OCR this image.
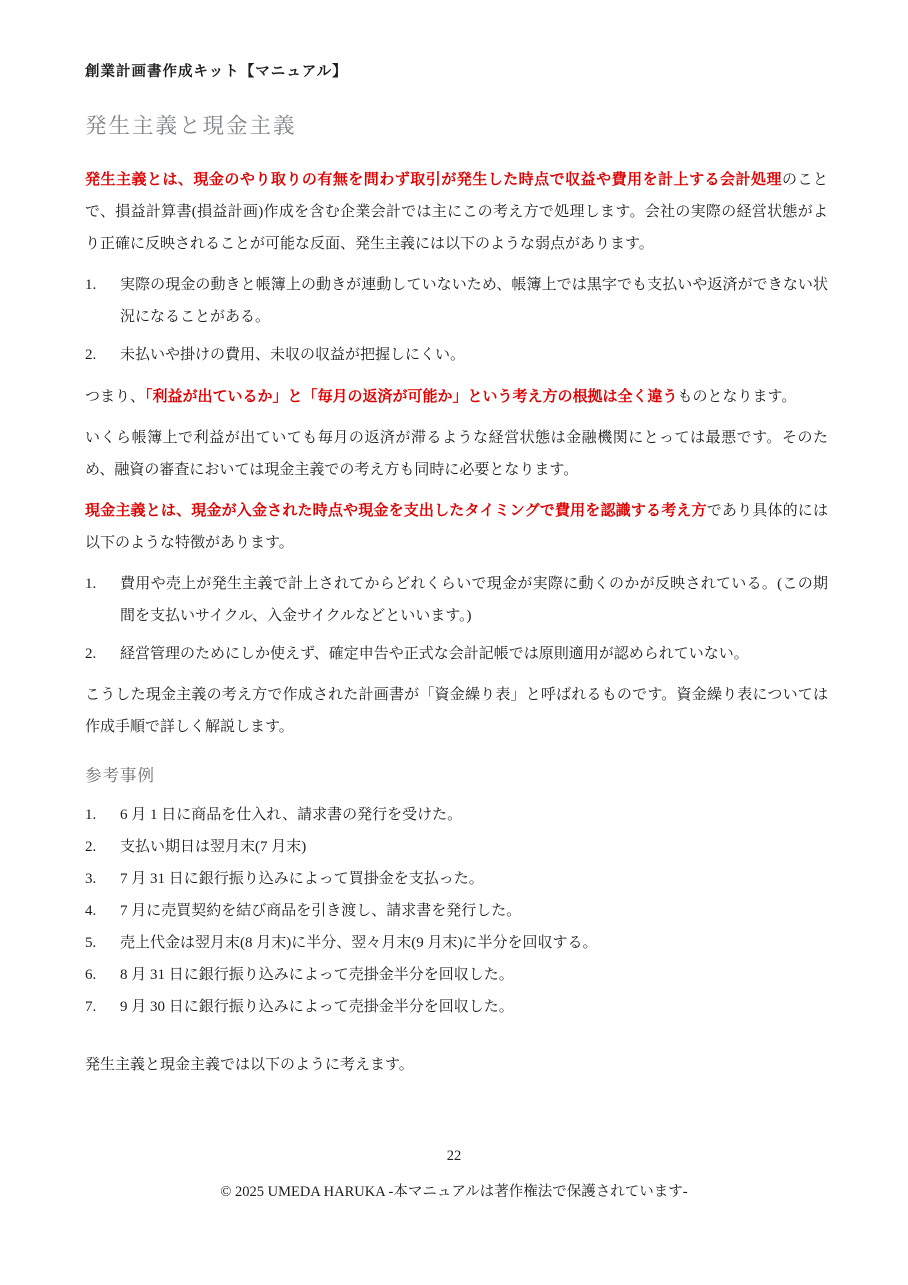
創業計画書作成キット【マニュアル】
発生主義と現金主義

発生主義とは、現金のやり取りの有無を問わず取引が発生した時点で収益や費用を計上する会計処理のことで、損益計算書(損益計画)作成を含む企業会計では主にこの考え方で処理します。会社の実際の経営状態がより正確に反映されることが可能な反面、発生主義には以下のような弱点があります。

1.	実際の現金の動きと帳簿上の動きが連動していないため、帳簿上では黒字でも支払いや返済ができない状況になることがある。
2.	未払いや掛けの費用、未収の収益が把握しにくい。

つまり、「利益が出ているか」と「毎月の返済が可能か」という考え方の根拠は全く違うものとなります。

いくら帳簿上で利益が出ていても毎月の返済が滞るような経営状態は金融機関にとっては最悪です。そのため、融資の審査においては現金主義での考え方も同時に必要となります。

現金主義とは、現金が入金された時点や現金を支出したタイミングで費用を認識する考え方であり具体的には以下のような特徴があります。

1.	費用や売上が発生主義で計上されてからどれくらいで現金が実際に動くのかが反映されている。(この期間を支払いサイクル、入金サイクルなどといいます。)
2.	経営管理のためにしか使えず、確定申告や正式な会計記帳では原則適用が認められていない。

こうした現金主義の考え方で作成された計画書が「資金繰り表」と呼ばれるものです。資金繰り表については作成手順で詳しく解説します。

参考事例
1.	6 月 1 日に商品を仕入れ、請求書の発行を受けた。
2.	支払い期日は翌月末(7 月末)
3.	7 月 31 日に銀行振り込みによって買掛金を支払った。
4.	7 月に売買契約を結び商品を引き渡し、請求書を発行した。
5.	売上代金は翌月末(8 月末)に半分、翌々月末(9 月末)に半分を回収する。
6.	8 月 31 日に銀行振り込みによって売掛金半分を回収した。
7.	9 月 30 日に銀行振り込みによって売掛金半分を回収した。

発生主義と現金主義では以下のように考えます。

22
© 2025 UMEDA HARUKA -本マニュアルは著作権法で保護されています-
